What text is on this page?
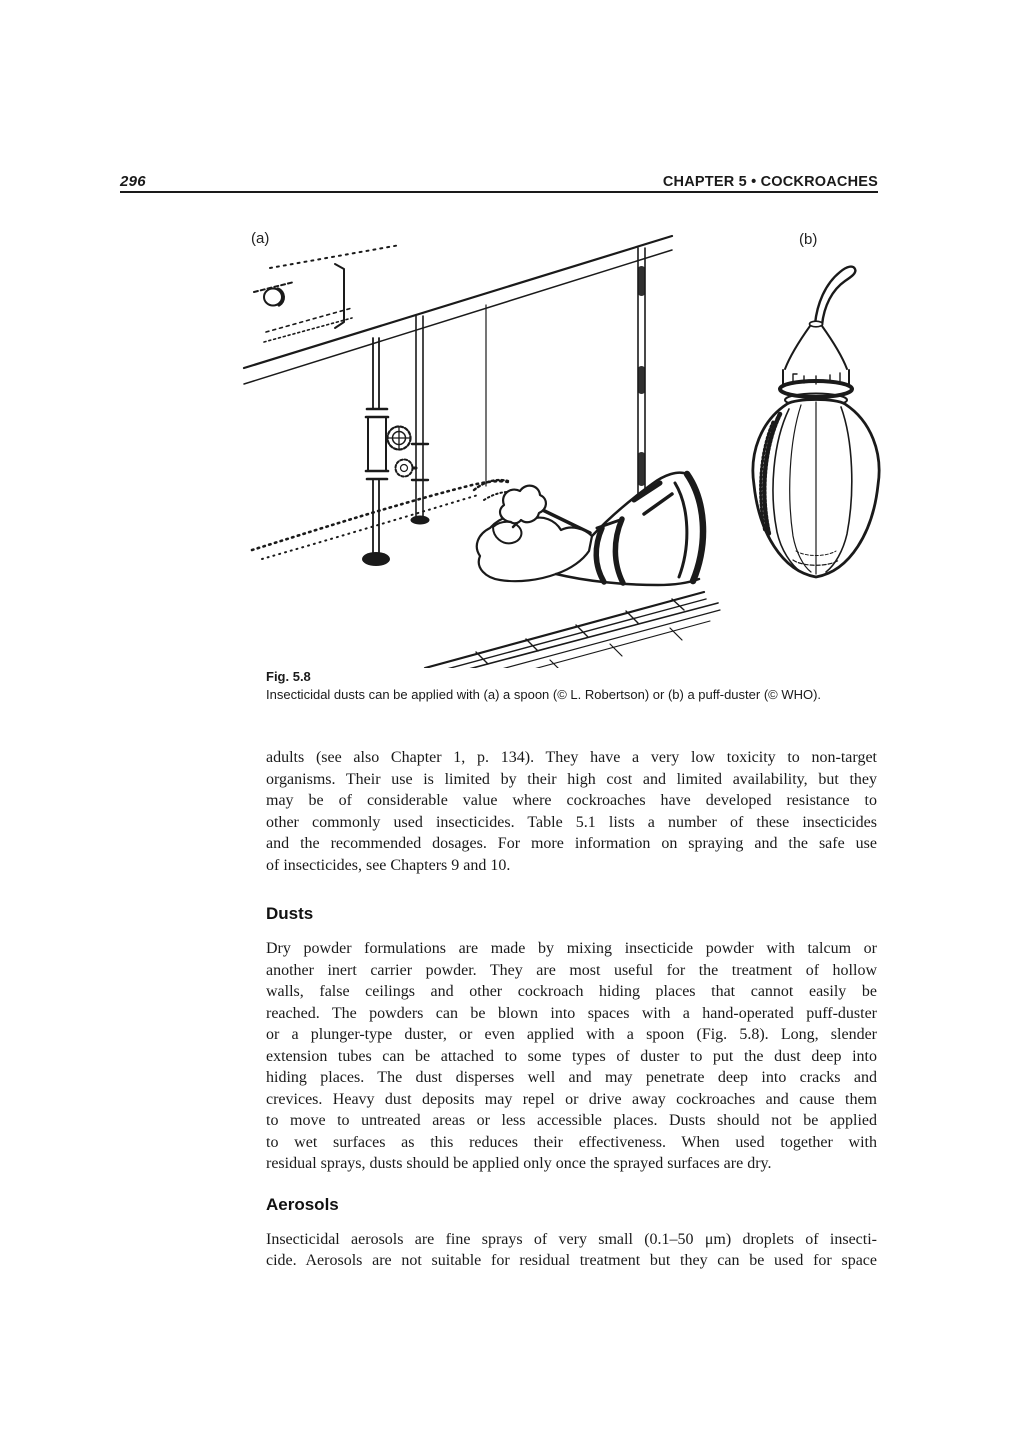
296	CHAPTER 5 • COCKROACHES
(a)	(b)
Fig. 5.8
Insecticidal dusts can be applied with (a) a spoon (© L. Robertson) or (b) a puff-duster (© WHO).
adults (see also Chapter 1, p. 134). They have a very low toxicity to non-target
organisms. Their use is limited by their high cost and limited availability, but they
may be of considerable value where cockroaches have developed resistance to
other commonly used insecticides. Table 5.1 lists a number of these insecticides
and the recommended dosages. For more information on spraying and the safe use
of insecticides, see Chapters 9 and 10.
Dusts
Dry powder formulations are made by mixing insecticide powder with talcum or
another inert carrier powder. They are most useful for the treatment of hollow
walls, false ceilings and other cockroach hiding places that cannot easily be
reached. The powders can be blown into spaces with a hand-operated puff-duster
or a plunger-type duster, or even applied with a spoon (Fig. 5.8). Long, slender
extension tubes can be attached to some types of duster to put the dust deep into
hiding places. The dust disperses well and may penetrate deep into cracks and
crevices. Heavy dust deposits may repel or drive away cockroaches and cause them
to move to untreated areas or less accessible places. Dusts should not be applied
to wet surfaces as this reduces their effectiveness. When used together with
residual sprays, dusts should be applied only once the sprayed surfaces are dry.
Aerosols
Insecticidal aerosols are fine sprays of very small (0.1–50 μm) droplets of insecti-
cide. Aerosols are not suitable for residual treatment but they can be used for space
